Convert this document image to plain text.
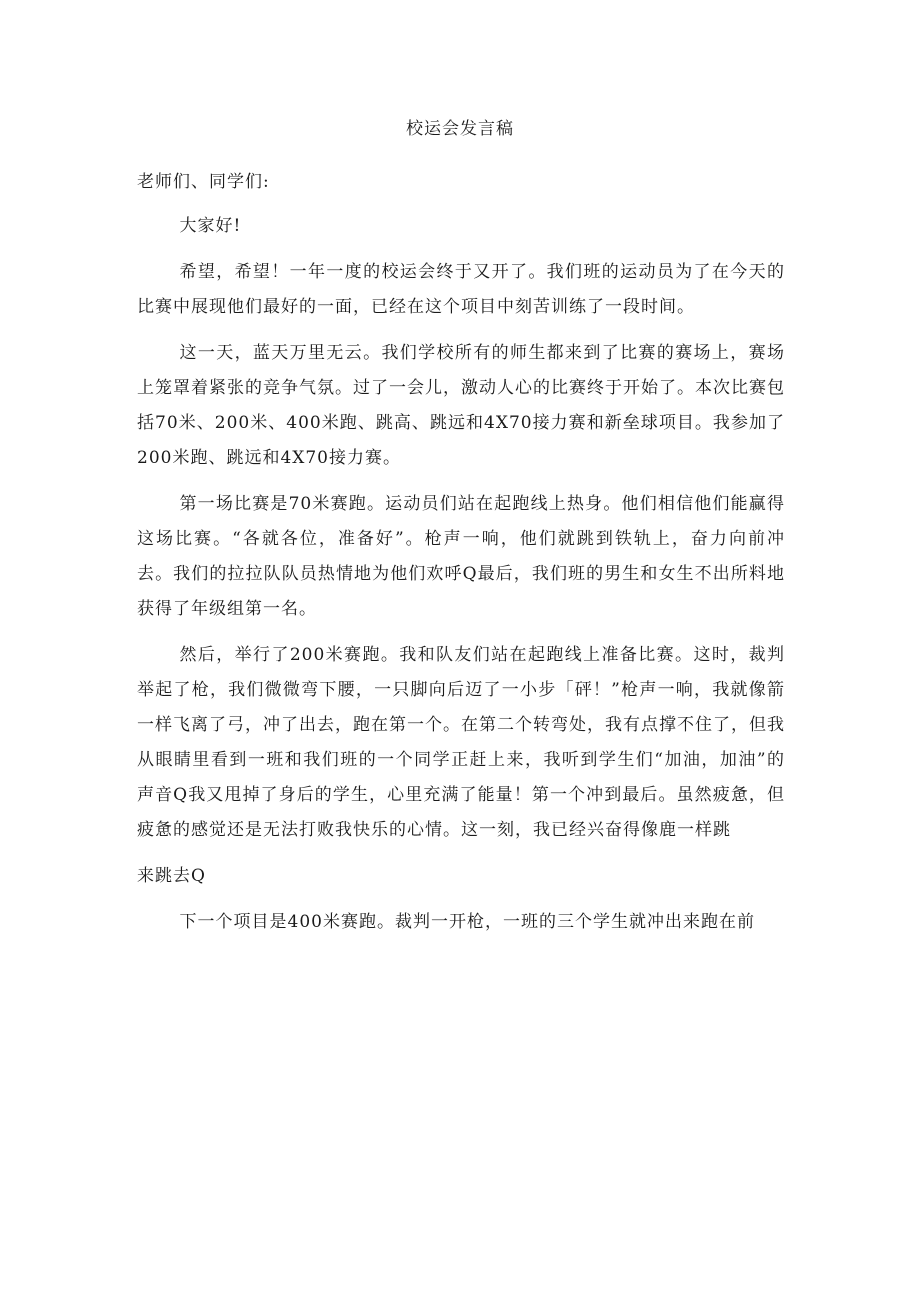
校运会发言稿

老师们、同学们:

大家好!

希望，希望！一年一度的校运会终于又开了。我们班的运动员为了在今天的比赛中展现他们最好的一面，已经在这个项目中刻苦训练了一段时间。

这一天，蓝天万里无云。我们学校所有的师生都来到了比赛的赛场上，赛场上笼罩着紧张的竞争气氛。过了一会儿，激动人心的比赛终于开始了。本次比赛包括70米、200米、400米跑、跳高、跳远和4X70接力赛和新垒球项目。我参加了200米跑、跳远和4X70接力赛。

第一场比赛是70米赛跑。运动员们站在起跑线上热身。他们相信他们能赢得这场比赛。“各就各位，准备好”。枪声一响，他们就跳到铁轨上，奋力向前冲去。我们的拉拉队队员热情地为他们欢呼Q最后，我们班的男生和女生不出所料地获得了年级组第一名。

然后，举行了200米赛跑。我和队友们站在起跑线上准备比赛。这时，裁判举起了枪，我们微微弯下腰，一只脚向后迈了一小步「砰！”枪声一响，我就像箭一样飞离了弓，冲了出去，跑在第一个。在第二个转弯处，我有点撑不住了，但我从眼睛里看到一班和我们班的一个同学正赶上来，我听到学生们“加油，加油”的声音Q我又甩掉了身后的学生，心里充满了能量！第一个冲到最后。虽然疲惫，但疲惫的感觉还是无法打败我快乐的心情。这一刻，我已经兴奋得像鹿一样跳

来跳去Q

下一个项目是400米赛跑。裁判一开枪，一班的三个学生就冲出来跑在前
